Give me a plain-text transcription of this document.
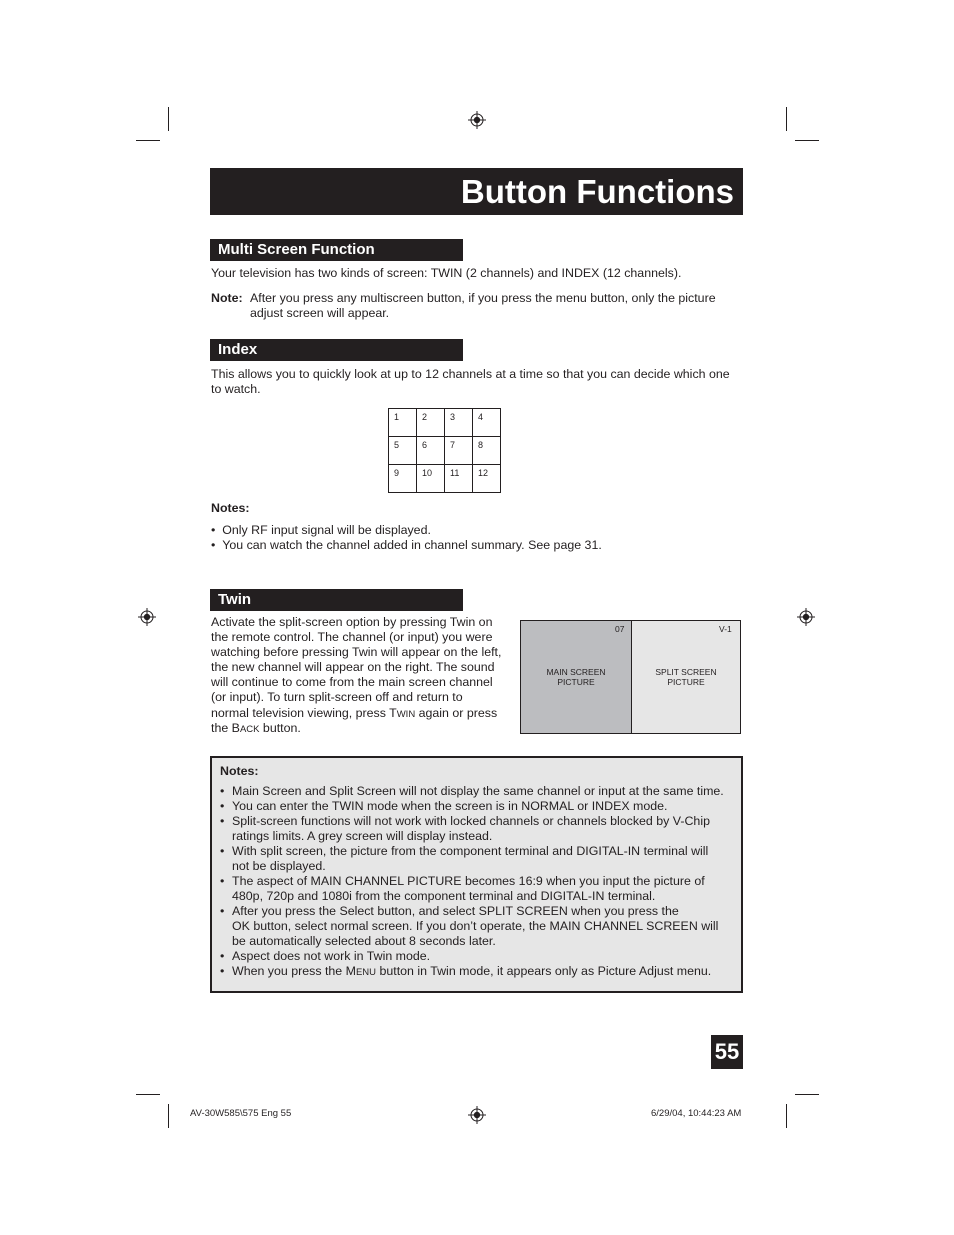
Button Functions
Multi Screen Function
Your television has two kinds of screen: TWIN (2 channels) and INDEX (12 channels).
Note: After you press any multiscreen button, if you press the menu button, only the picture
adjust screen will appear.
Index
This allows you to quickly look at up to 12 channels at a time so that you can decide which one
to watch.
1	2	3	4
5	6	7	8
9	10	11	12
Notes:
•  Only RF input signal will be displayed.
•  You can watch the channel added in channel summary. See page 31.
Twin
Activate the split-screen option by pressing Twin on
the remote control. The channel (or input) you were
watching before pressing Twin will appear on the left,
the new channel will appear on the right. The sound
will continue to come from the main screen channel
(or input). To turn split-screen off and return to
normal television viewing, press TWIN again or press
the BACK button.
07
MAIN SCREEN
PICTURE
V-1
SPLIT SCREEN
PICTURE
Notes:
• Main Screen and Split Screen will not display the same channel or input at the same time.
• You can enter the TWIN mode when the screen is in NORMAL or INDEX mode.
• Split-screen functions will not work with locked channels or channels blocked by V-Chip
ratings limits. A grey screen will display instead.
• With split screen, the picture from the component terminal and DIGITAL-IN terminal will
not be displayed.
• The aspect of MAIN CHANNEL PICTURE becomes 16:9 when you input the picture of
480p, 720p and 1080i from the component terminal and DIGITAL-IN terminal.
• After you press the Select button, and select SPLIT SCREEN when you press the
OK button, select normal screen. If you don’t operate, the MAIN CHANNEL SCREEN will
be automatically selected about 8 seconds later.
• Aspect does not work in Twin mode.
• When you press the MENU button in Twin mode, it appears only as Picture Adjust menu.
55
AV-30W585\575 Eng 55	6/29/04, 10:44:23 AM
